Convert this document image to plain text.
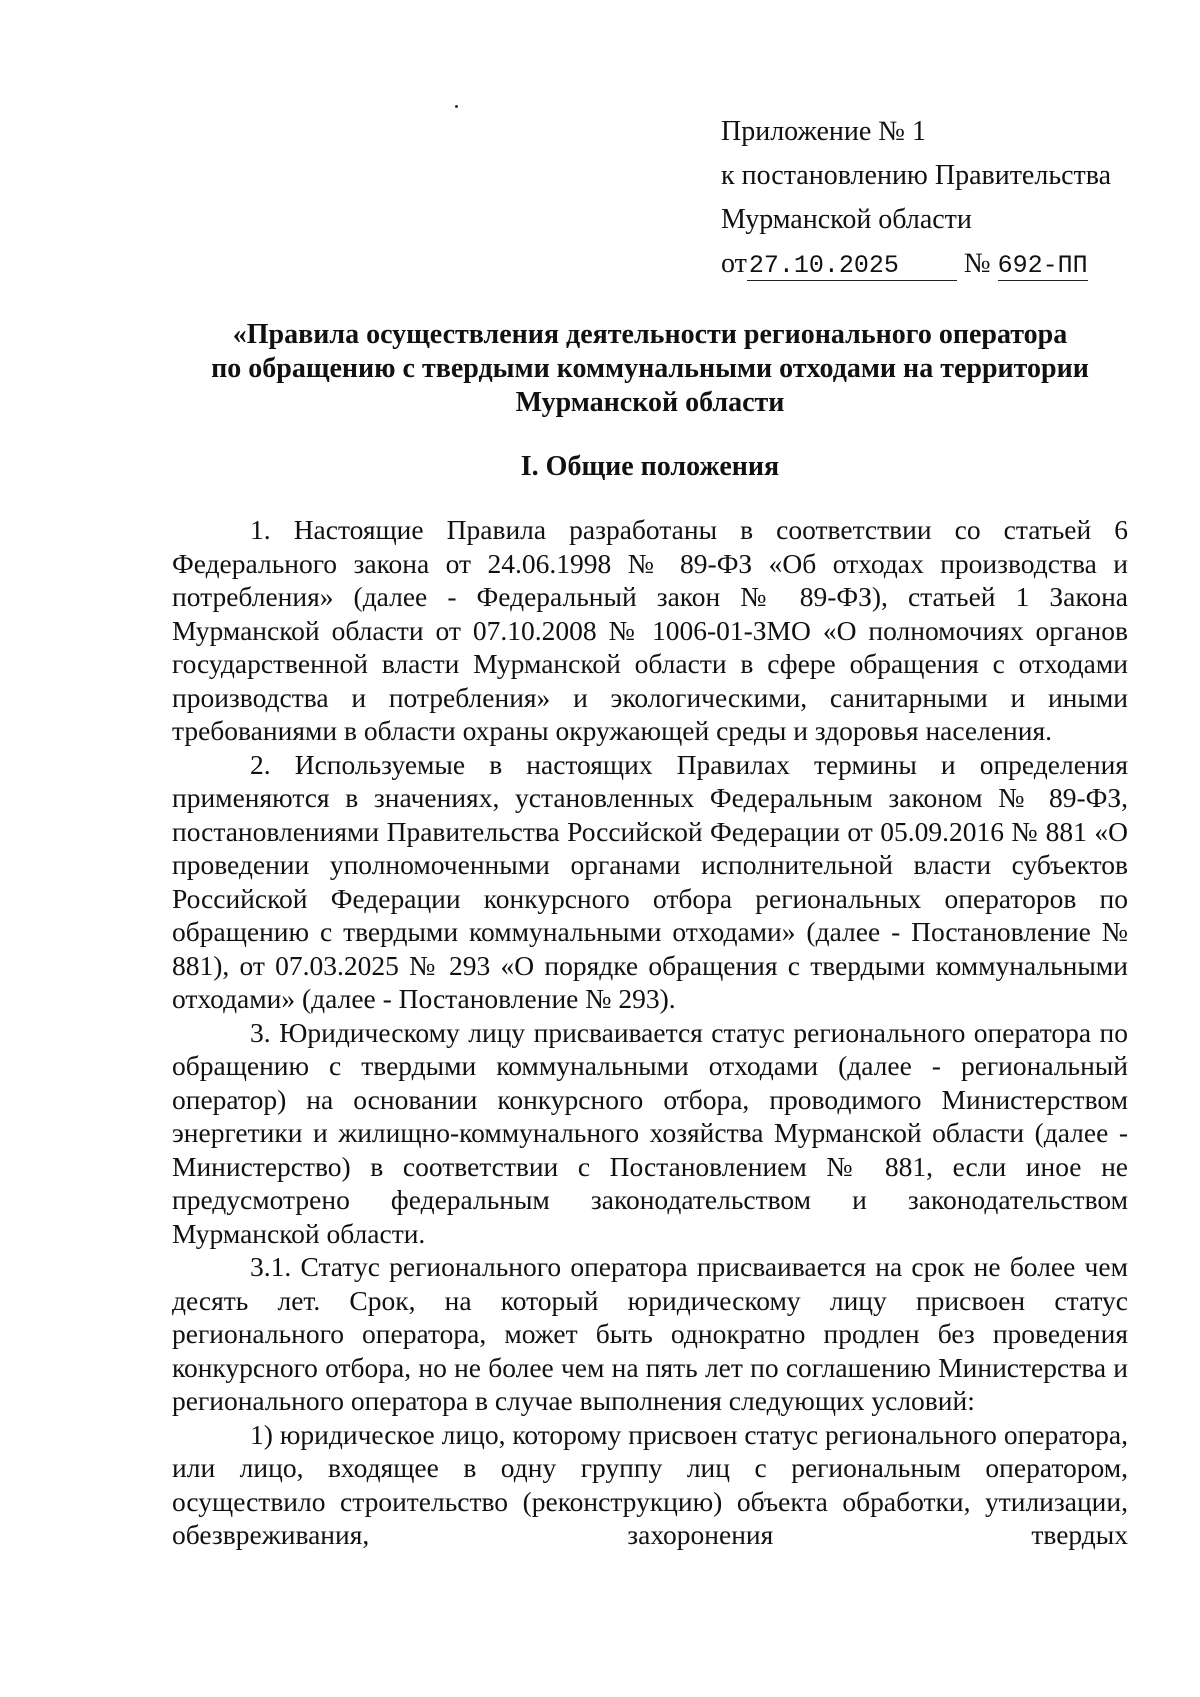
Приложение № 1
к постановлению Правительства
Мурманской области
от27.10.2025 № 692-ПП
«Правила осуществления деятельности регионального оператора
по обращению с твердыми коммунальными отходами на территории
Мурманской области
I. Общие положения

1. Настоящие Правила разработаны в соответствии со статьей 6 Федерального закона от 24.06.1998 № 89-ФЗ «Об отходах производства и потребления» (далее - Федеральный закон № 89-ФЗ), статьей 1 Закона Мурманской области от 07.10.2008 № 1006-01-ЗМО «О полномочиях органов государственной власти Мурманской области в сфере обращения с отходами производства и потребления» и экологическими, санитарными и иными требованиями в области охраны окружающей среды и здоровья населения.

2. Используемые в настоящих Правилах термины и определения применяются в значениях, установленных Федеральным законом № 89-ФЗ, постановлениями Правительства Российской Федерации от 05.09.2016 № 881 «О проведении уполномоченными органами исполнительной власти субъектов Российской Федерации конкурсного отбора региональных операторов по обращению с твердыми коммунальными отходами» (далее - Постановление № 881), от 07.03.2025 № 293 «О порядке обращения с твердыми коммунальными отходами» (далее - Постановление № 293).

3. Юридическому лицу присваивается статус регионального оператора по обращению с твердыми коммунальными отходами (далее - региональный оператор) на основании конкурсного отбора, проводимого Министерством энергетики и жилищно-коммунального хозяйства Мурманской области (далее - Министерство) в соответствии с Постановлением № 881, если иное не предусмотрено федеральным законодательством и законодательством Мурманской области.

3.1. Статус регионального оператора присваивается на срок не более чем десять лет. Срок, на который юридическому лицу присвоен статус регионального оператора, может быть однократно продлен без проведения конкурсного отбора, но не более чем на пять лет по соглашению Министерства и регионального оператора в случае выполнения следующих условий:

1) юридическое лицо, которому присвоен статус регионального оператора, или лицо, входящее в одну группу лиц с региональным оператором, осуществило строительство (реконструкцию) объекта обработки, утилизации, обезвреживания, захоронения твердых
